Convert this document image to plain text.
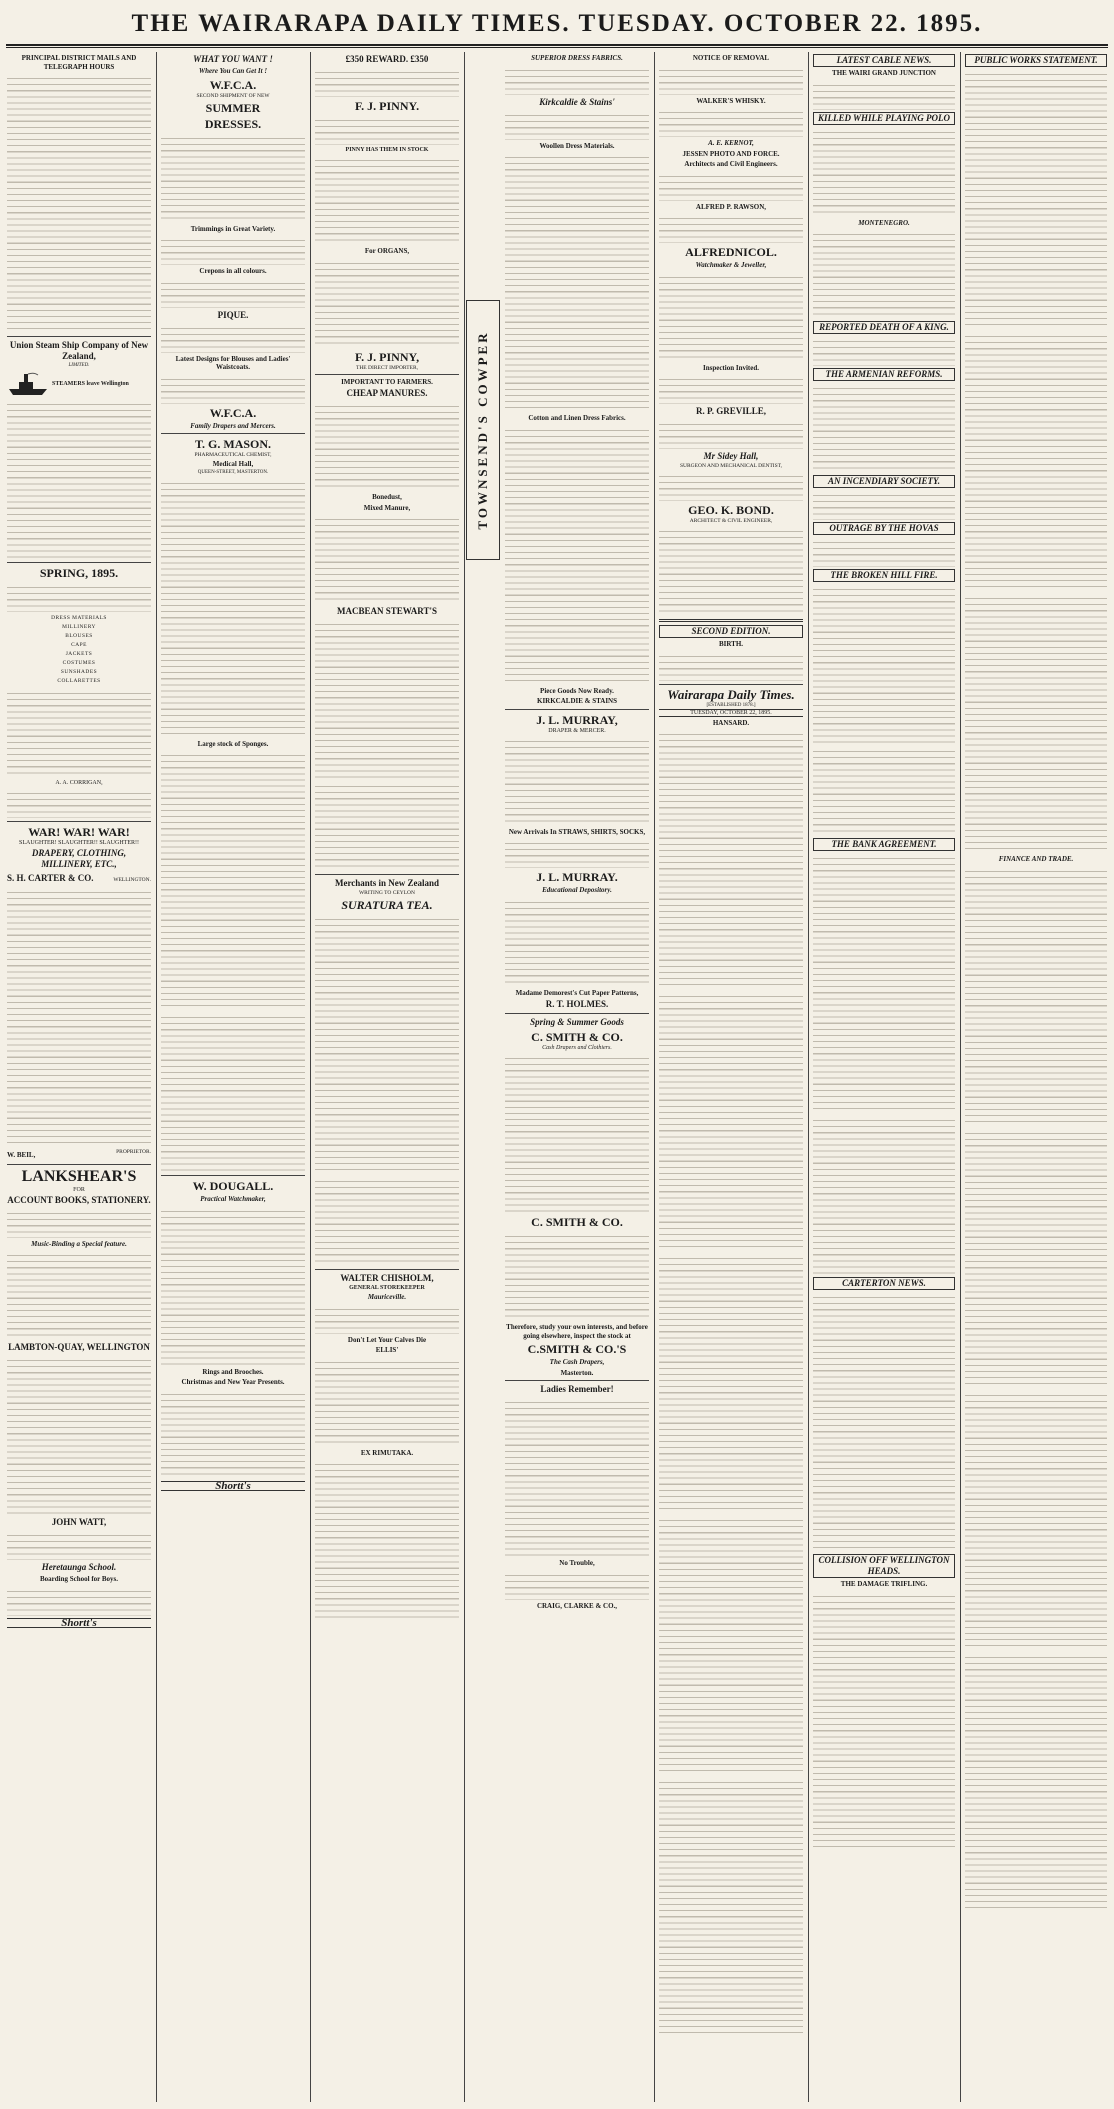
THE WAIRARAPA DAILY TIMES. TUESDAY. OCTOBER 22. 1895.
PRINCIPAL DISTRICT MAILS AND TELEGRAPH HOURS
Union Steam Ship Company of New Zealand,
LIMITED.
STEAMERS leave Wellington
SPRING, 1895.
DRESS MATERIALS
MILLINERY
BLOUSES
CAPE
JACKETS
COSTUMES
SUNSHADES
COLLARETTES
A. A. CORRIGAN,
WAR! WAR! WAR!
SLAUGHTER! SLAUGHTER!! SLAUGHTER!!
DRAPERY, CLOTHING, MILLINERY, ETC.,
S. H. CARTER & CO.	WELLINGTON.
W. BEIL,	PROPRIETOR.
LANKSHEAR'S
FOR
ACCOUNT BOOKS, STATIONERY.
Music-Binding a Special feature.
LAMBTON-QUAY, WELLINGTON
JOHN WATT,
Heretaunga School.
Boarding School for Boys.
Shortt's
WHAT YOU WANT !
Where You Can Get It !
W.F.C.A.
SECOND SHIPMENT OF NEW
SUMMER
DRESSES.
Trimmings in Great Variety.
Crepons in all colours.
PIQUE.
Latest Designs for Blouses and Ladies' Waistcoats.
W.F.C.A.
Family Drapers and Mercers.
T. G. MASON.
PHARMACEUTICAL CHEMIST,
Medical Hall,
QUEEN-STREET, MASTERTON.
Large stock of Sponges.
W. DOUGALL.
Practical Watchmaker,
Rings and Brooches.
Christmas and New Year Presents.
Shortt's
£350 REWARD. £350
F. J. PINNY.
PINNY HAS THEM IN STOCK
For ORGANS,
F. J. PINNY,
THE DIRECT IMPORTER,
IMPORTANT TO FARMERS.
CHEAP MANURES.
Bonedust,
Mixed Manure,
MACBEAN STEWART'S
Merchants in New Zealand
WRITING TO CEYLON
SURATURA TEA.
WALTER CHISHOLM,
GENERAL STOREKEEPER
Mauriceville.
Don't Let Your Calves Die
ELLIS'
EX RIMUTAKA.
TOWNSEND'S COWPER
SUPERIOR DRESS FABRICS.
Kirkcaldie & Stains'
Woollen Dress Materials.
Cotton and Linen Dress Fabrics.
Piece Goods Now Ready.
KIRKCALDIE & STAINS
J. L. MURRAY,
DRAPER & MERCER.
New Arrivals In STRAWS, SHIRTS, SOCKS,
J. L. MURRAY.
Educational Depository.
Madame Demorest's Cut Paper Patterns,
R. T. HOLMES.
Spring & Summer Goods
C. SMITH & CO.
Cash Drapers and Clothiers.
C. SMITH & CO.
Therefore, study your own interests, and before going elsewhere, inspect the stock at
C.SMITH & CO.'S
The Cash Drapers,
Masterton.
Ladies Remember!
No Trouble,
CRAIG, CLARKE & CO.,
NOTICE OF REMOVAL
WALKER'S WHISKY.
A. E. KERNOT,
JESSEN PHOTO AND FORCE.
Architects and Civil Engineers.
ALFRED P. RAWSON,
ALFREDNICOL.
Watchmaker & Jeweller,
Inspection Invited.
R. P. GREVILLE,
Mr Sidey Hall,
SURGEON AND MECHANICAL DENTIST,
GEO. K. BOND.
ARCHITECT & CIVIL ENGINEER,
SECOND EDITION.
BIRTH.
Wairarapa Daily Times.
[ESTABLISHED 1878.]
TUESDAY, OCTOBER 22, 1895.
HANSARD.
LATEST CABLE NEWS.
THE WAIRI GRAND JUNCTION
KILLED WHILE PLAYING POLO
MONTENEGRO.
REPORTED DEATH OF A KING.
THE ARMENIAN REFORMS.
AN INCENDIARY SOCIETY.
OUTRAGE BY THE HOVAS
THE BROKEN HILL FIRE.
THE BANK AGREEMENT.
CARTERTON NEWS.
COLLISION OFF WELLINGTON HEADS.
THE DAMAGE TRIFLING.
PUBLIC WORKS STATEMENT.
FINANCE AND TRADE.
